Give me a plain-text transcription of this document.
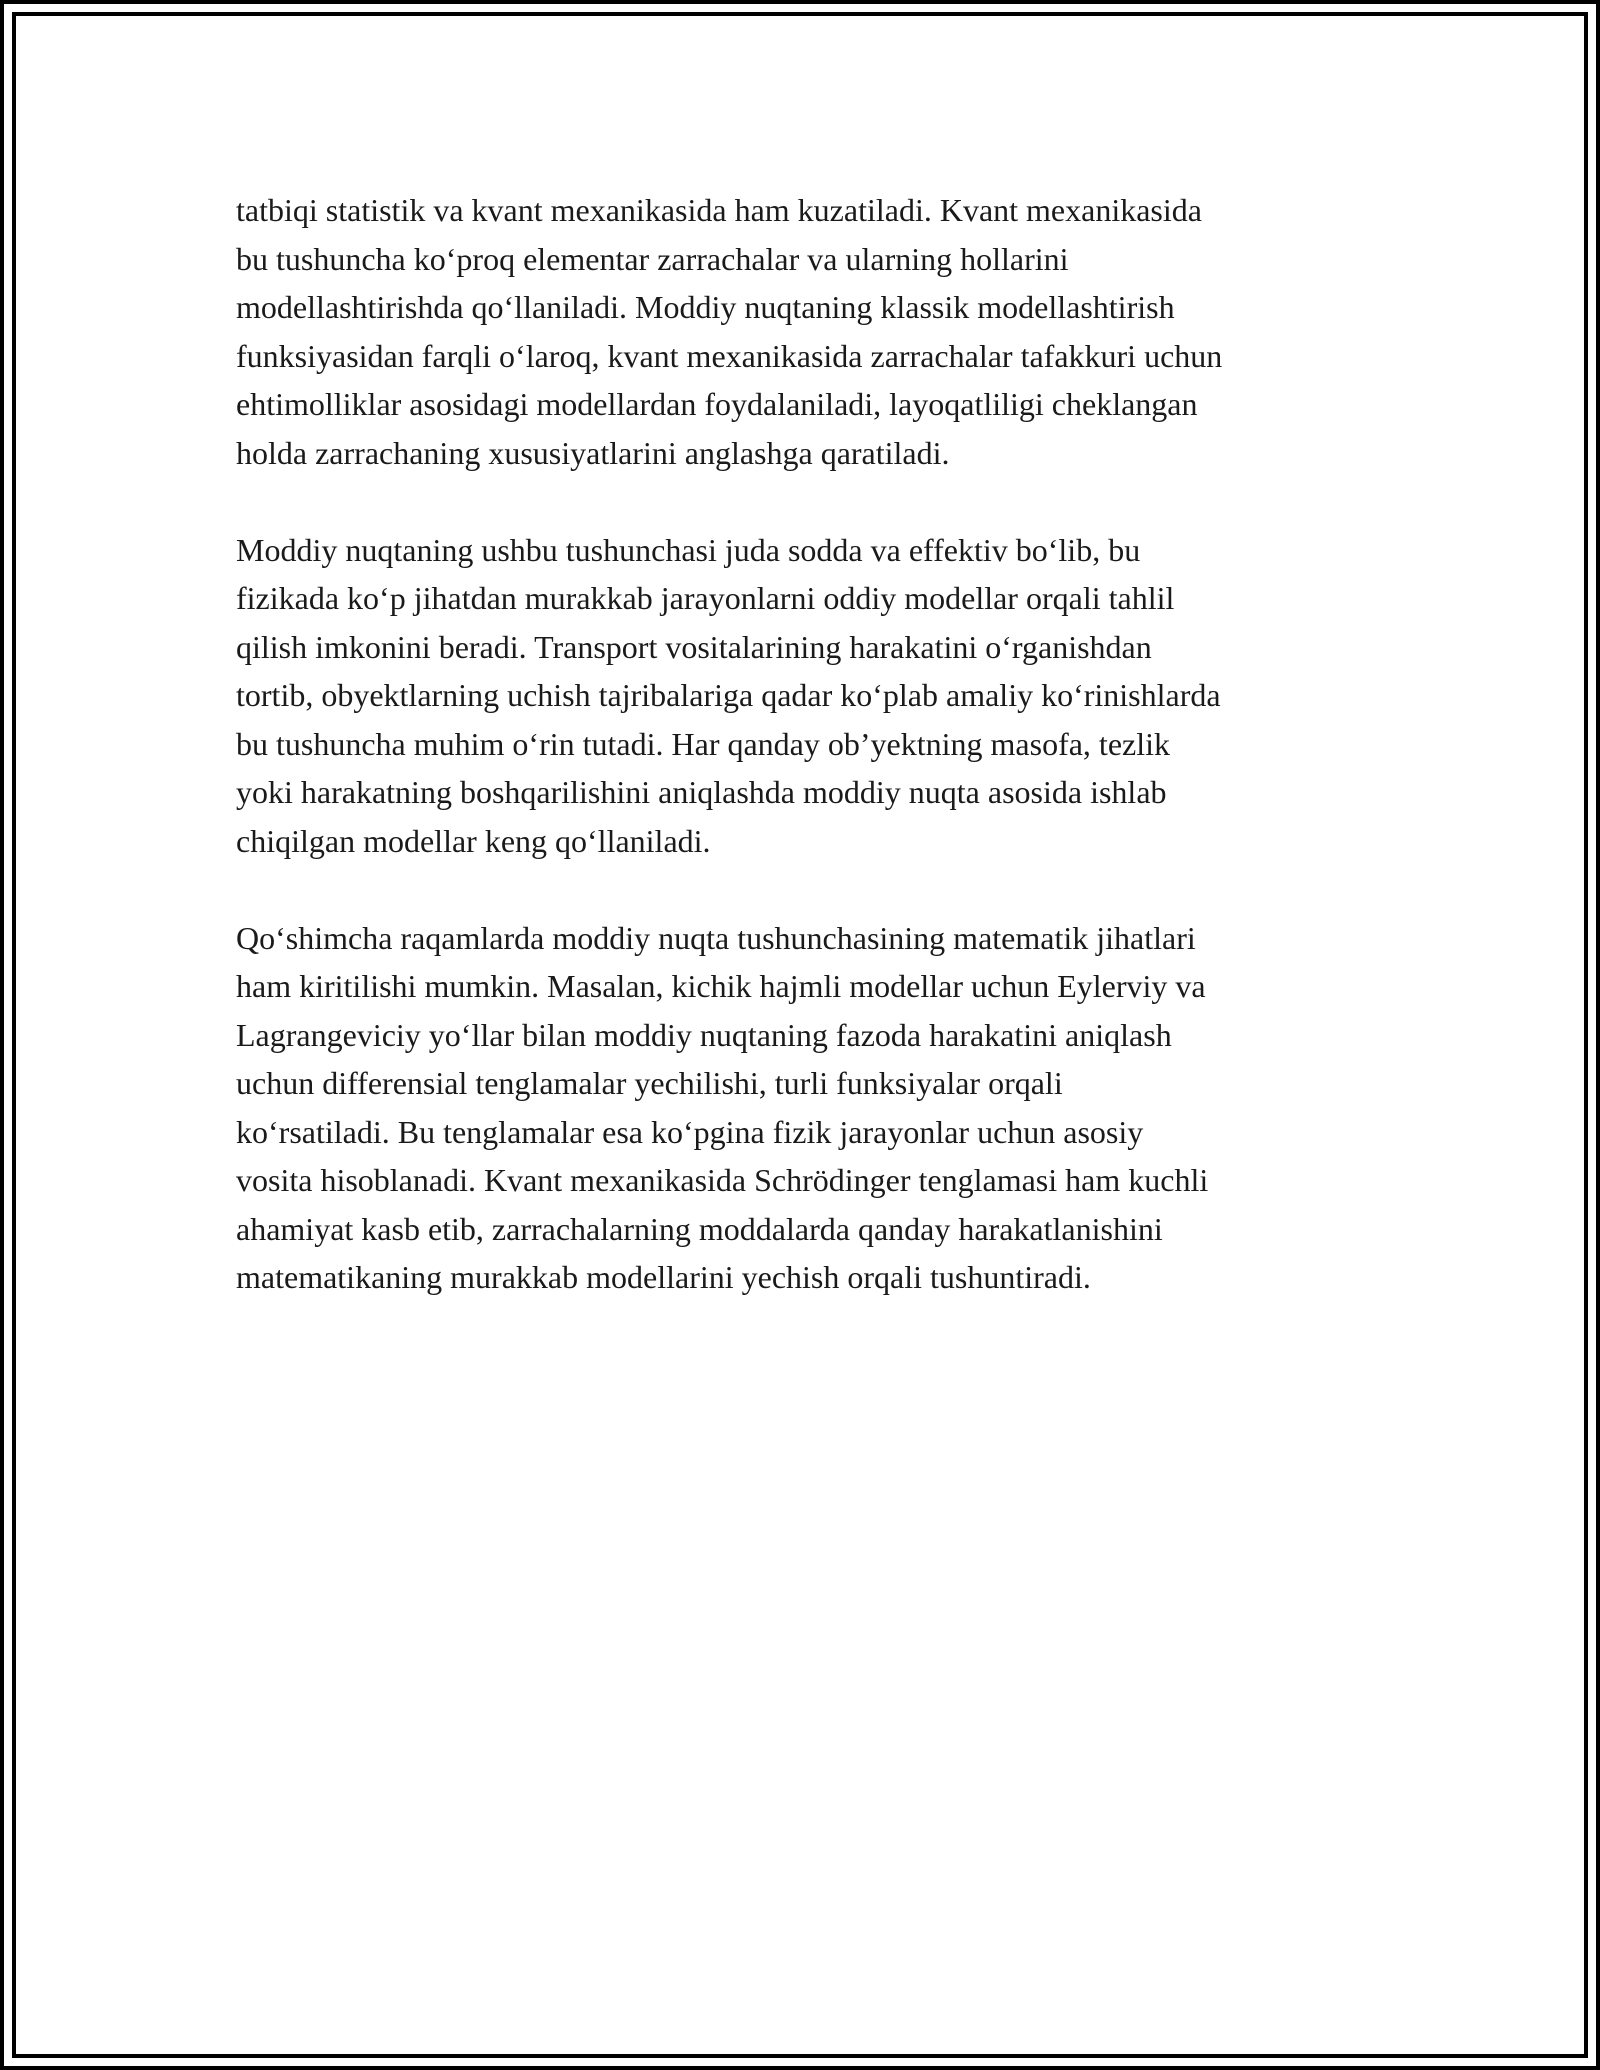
tatbiqi statistik va kvant mexanikasida ham kuzatiladi. Kvant mexanikasida
bu tushuncha koʻproq elementar zarrachalar va ularning hollarini
modellashtirishda qoʻllaniladi. Moddiy nuqtaning klassik modellashtirish
funksiyasidan farqli oʻlaroq, kvant mexanikasida zarrachalar tafakkuri uchun
ehtimolliklar asosidagi modellardan foydalaniladi, layoqatliligi cheklangan
holda zarrachaning xususiyatlarini anglashga qaratiladi.

Moddiy nuqtaning ushbu tushunchasi juda sodda va effektiv boʻlib, bu
fizikada koʻp jihatdan murakkab jarayonlarni oddiy modellar orqali tahlil
qilish imkonini beradi. Transport vositalarining harakatini oʻrganishdan
tortib, obyektlarning uchish tajribalariga qadar koʻplab amaliy koʻrinishlarda
bu tushuncha muhim oʻrin tutadi. Har qanday obʼyektning masofa, tezlik
yoki harakatning boshqarilishini aniqlashda moddiy nuqta asosida ishlab
chiqilgan modellar keng qoʻllaniladi.

Qoʻshimcha raqamlarda moddiy nuqta tushunchasining matematik jihatlari
ham kiritilishi mumkin. Masalan, kichik hajmli modellar uchun Eylerviy va
Lagrangeviciy yoʻllar bilan moddiy nuqtaning fazoda harakatini aniqlash
uchun differensial tenglamalar yechilishi, turli funksiyalar orqali
koʻrsatiladi. Bu tenglamalar esa koʻpgina fizik jarayonlar uchun asosiy
vosita hisoblanadi. Kvant mexanikasida Schrödinger tenglamasi ham kuchli
ahamiyat kasb etib, zarrachalarning moddalarda qanday harakatlanishini
matematikaning murakkab modellarini yechish orqali tushuntiradi.
